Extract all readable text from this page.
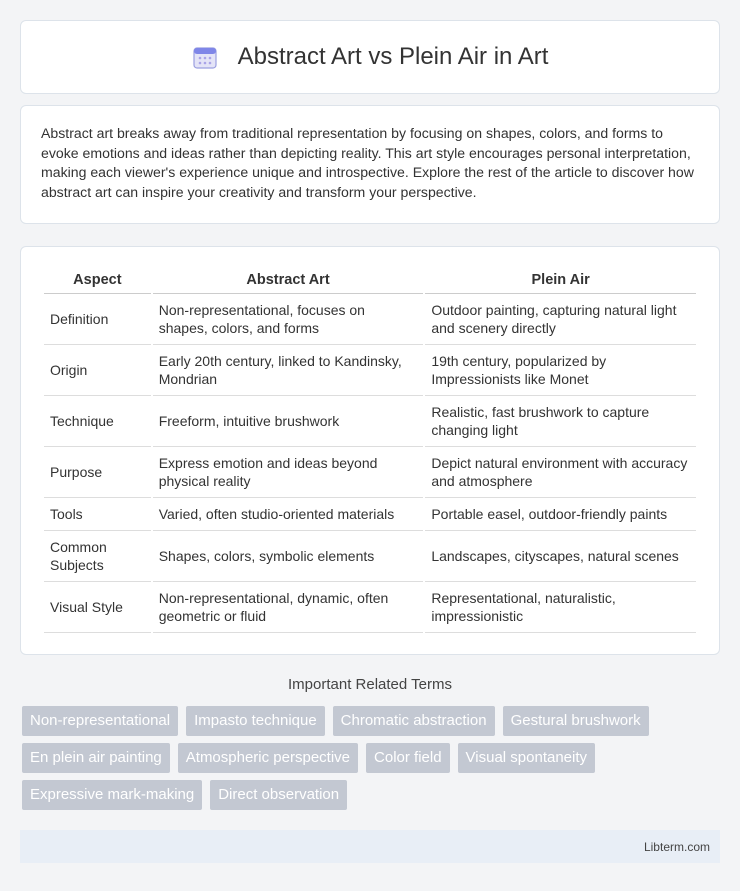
Abstract Art vs Plein Air in Art

Abstract art breaks away from traditional representation by focusing on shapes, colors, and forms to evoke emotions and ideas rather than depicting reality. This art style encourages personal interpretation, making each viewer's experience unique and introspective. Explore the rest of the article to discover how abstract art can inspire your creativity and transform your perspective.

Aspect	Abstract Art	Plein Air
Definition	Non-representational, focuses on shapes, colors, and forms	Outdoor painting, capturing natural light and scenery directly
Origin	Early 20th century, linked to Kandinsky, Mondrian	19th century, popularized by Impressionists like Monet
Technique	Freeform, intuitive brushwork	Realistic, fast brushwork to capture changing light
Purpose	Express emotion and ideas beyond physical reality	Depict natural environment with accuracy and atmosphere
Tools	Varied, often studio-oriented materials	Portable easel, outdoor-friendly paints
Common Subjects	Shapes, colors, symbolic elements	Landscapes, cityscapes, natural scenes
Visual Style	Non-representational, dynamic, often geometric or fluid	Representational, naturalistic, impressionistic
Important Related Terms
Non-representational	Impasto technique	Chromatic abstraction	Gestural brushwork
En plein air painting	Atmospheric perspective	Color field	Visual spontaneity
Expressive mark-making	Direct observation
Libterm.com
